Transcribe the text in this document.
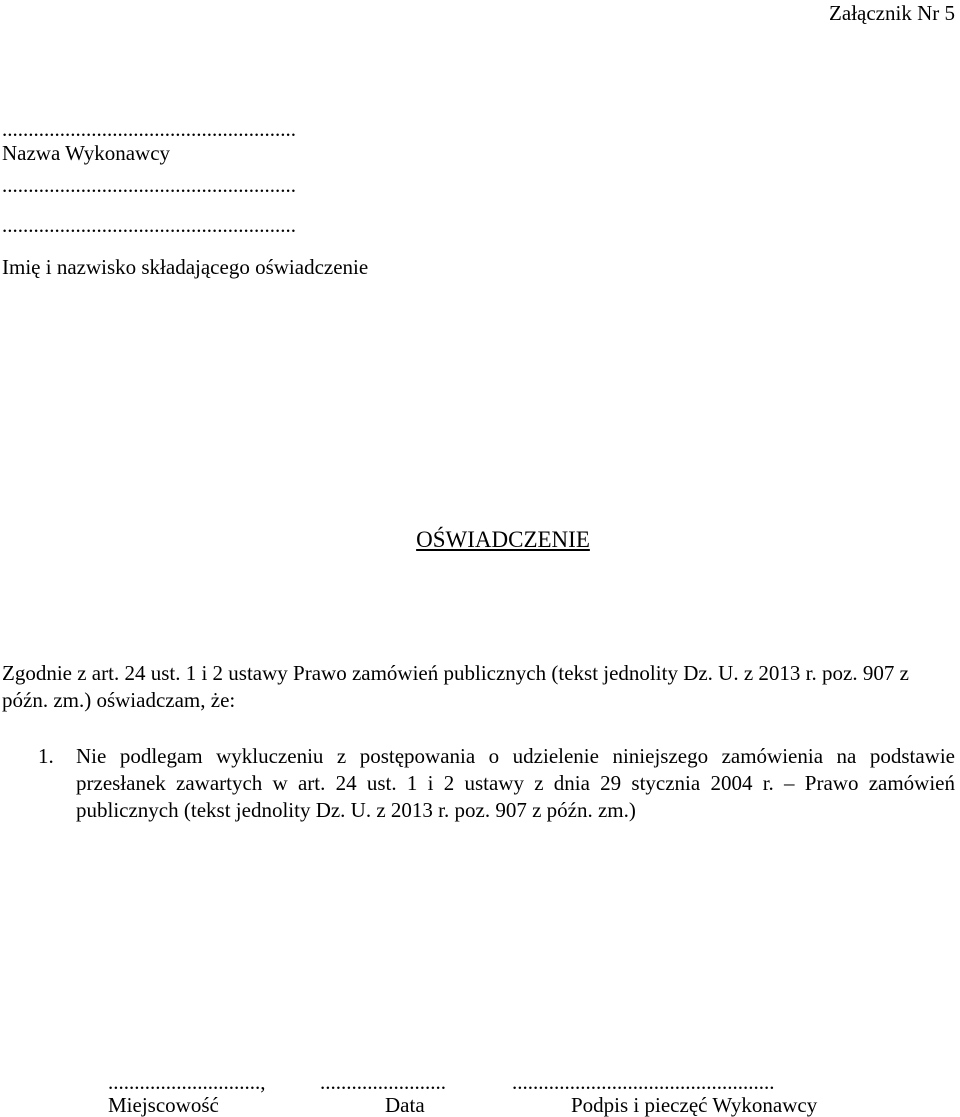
Załącznik Nr 5
........................................................
Nazwa Wykonawcy
........................................................
........................................................
Imię i nazwisko składającego oświadczenie
OŚWIADCZENIE
Zgodnie z art. 24 ust. 1 i 2 ustawy Prawo zamówień publicznych (tekst jednolity Dz. U. z 2013 r. poz. 907 z późn. zm.) oświadczam, że:
1. Nie podlegam wykluczeniu z postępowania o udzielenie niniejszego zamówienia na podstawie przesłanek zawartych w art. 24 ust. 1 i 2 ustawy z dnia 29 stycznia 2004 r. – Prawo zamówień publicznych (tekst jednolity Dz. U. z 2013 r. poz. 907 z późn. zm.)
.............................,	........................	..................................................
Miejscowość	Data	Podpis i pieczęć Wykonawcy
